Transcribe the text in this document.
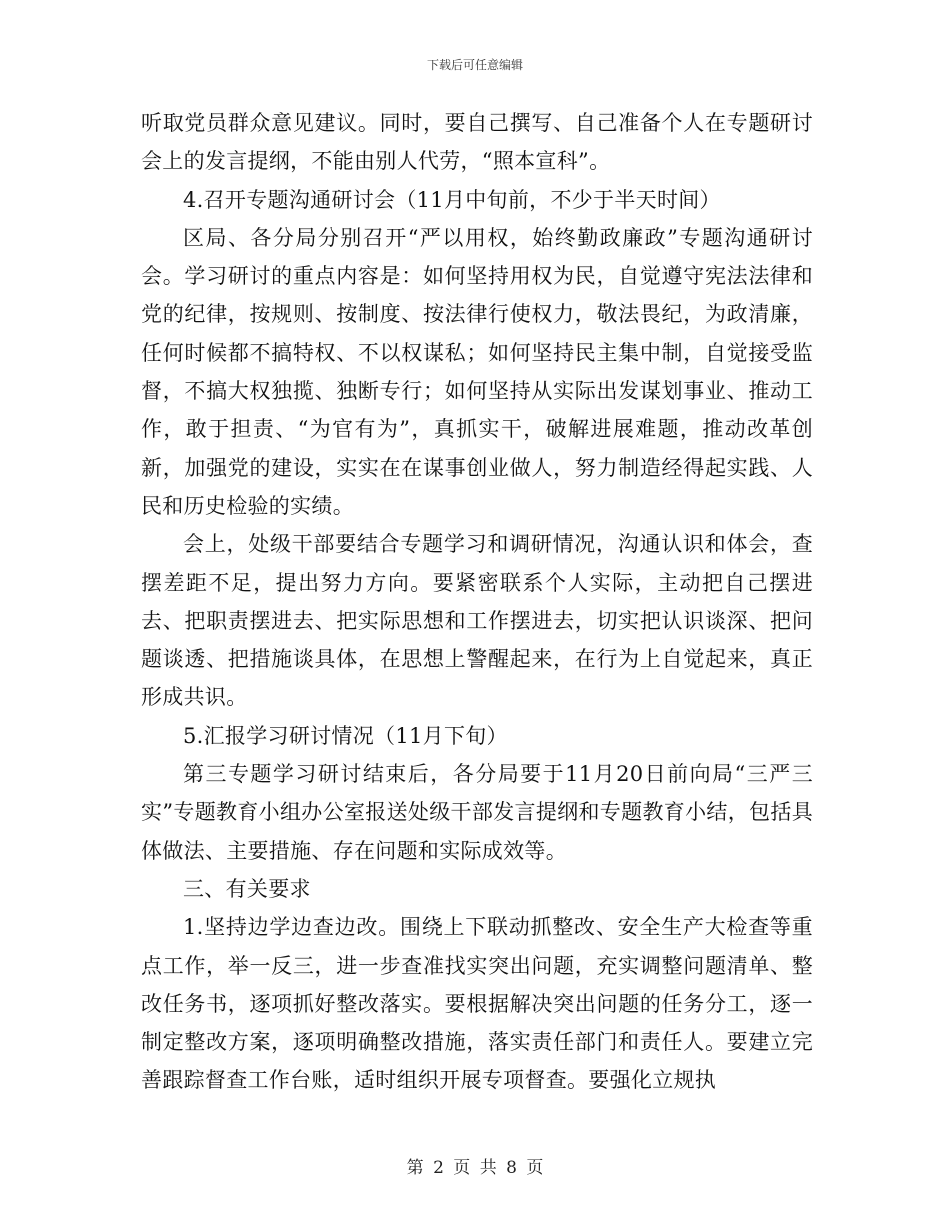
下载后可任意编辑

听取党员群众意见建议。同时，要自己撰写、自己准备个人在专题研讨会上的发言提纲，不能由别人代劳，“照本宣科”。

4.召开专题沟通研讨会（11月中旬前，不少于半天时间）

区局、各分局分别召开“严以用权，始终勤政廉政”专题沟通研讨会。学习研讨的重点内容是：如何坚持用权为民，自觉遵守宪法法律和党的纪律，按规则、按制度、按法律行使权力，敬法畏纪，为政清廉，任何时候都不搞特权、不以权谋私；如何坚持民主集中制，自觉接受监督，不搞大权独揽、独断专行；如何坚持从实际出发谋划事业、推动工作，敢于担责、“为官有为”，真抓实干，破解进展难题，推动改革创新，加强党的建设，实实在在谋事创业做人，努力制造经得起实践、人民和历史检验的实绩。

会上，处级干部要结合专题学习和调研情况，沟通认识和体会，查摆差距不足，提出努力方向。要紧密联系个人实际，主动把自己摆进去、把职责摆进去、把实际思想和工作摆进去，切实把认识谈深、把问题谈透、把措施谈具体，在思想上警醒起来，在行为上自觉起来，真正形成共识。

5.汇报学习研讨情况（11月下旬）

第三专题学习研讨结束后，各分局要于11月20日前向局“三严三实”专题教育小组办公室报送处级干部发言提纲和专题教育小结，包括具体做法、主要措施、存在问题和实际成效等。

三、有关要求

1.坚持边学边查边改。围绕上下联动抓整改、安全生产大检查等重点工作，举一反三，进一步查准找实突出问题，充实调整问题清单、整改任务书，逐项抓好整改落实。要根据解决突出问题的任务分工，逐一制定整改方案，逐项明确整改措施，落实责任部门和责任人。要建立完善跟踪督查工作台账，适时组织开展专项督查。要强化立规执

第 2 页 共 8 页
